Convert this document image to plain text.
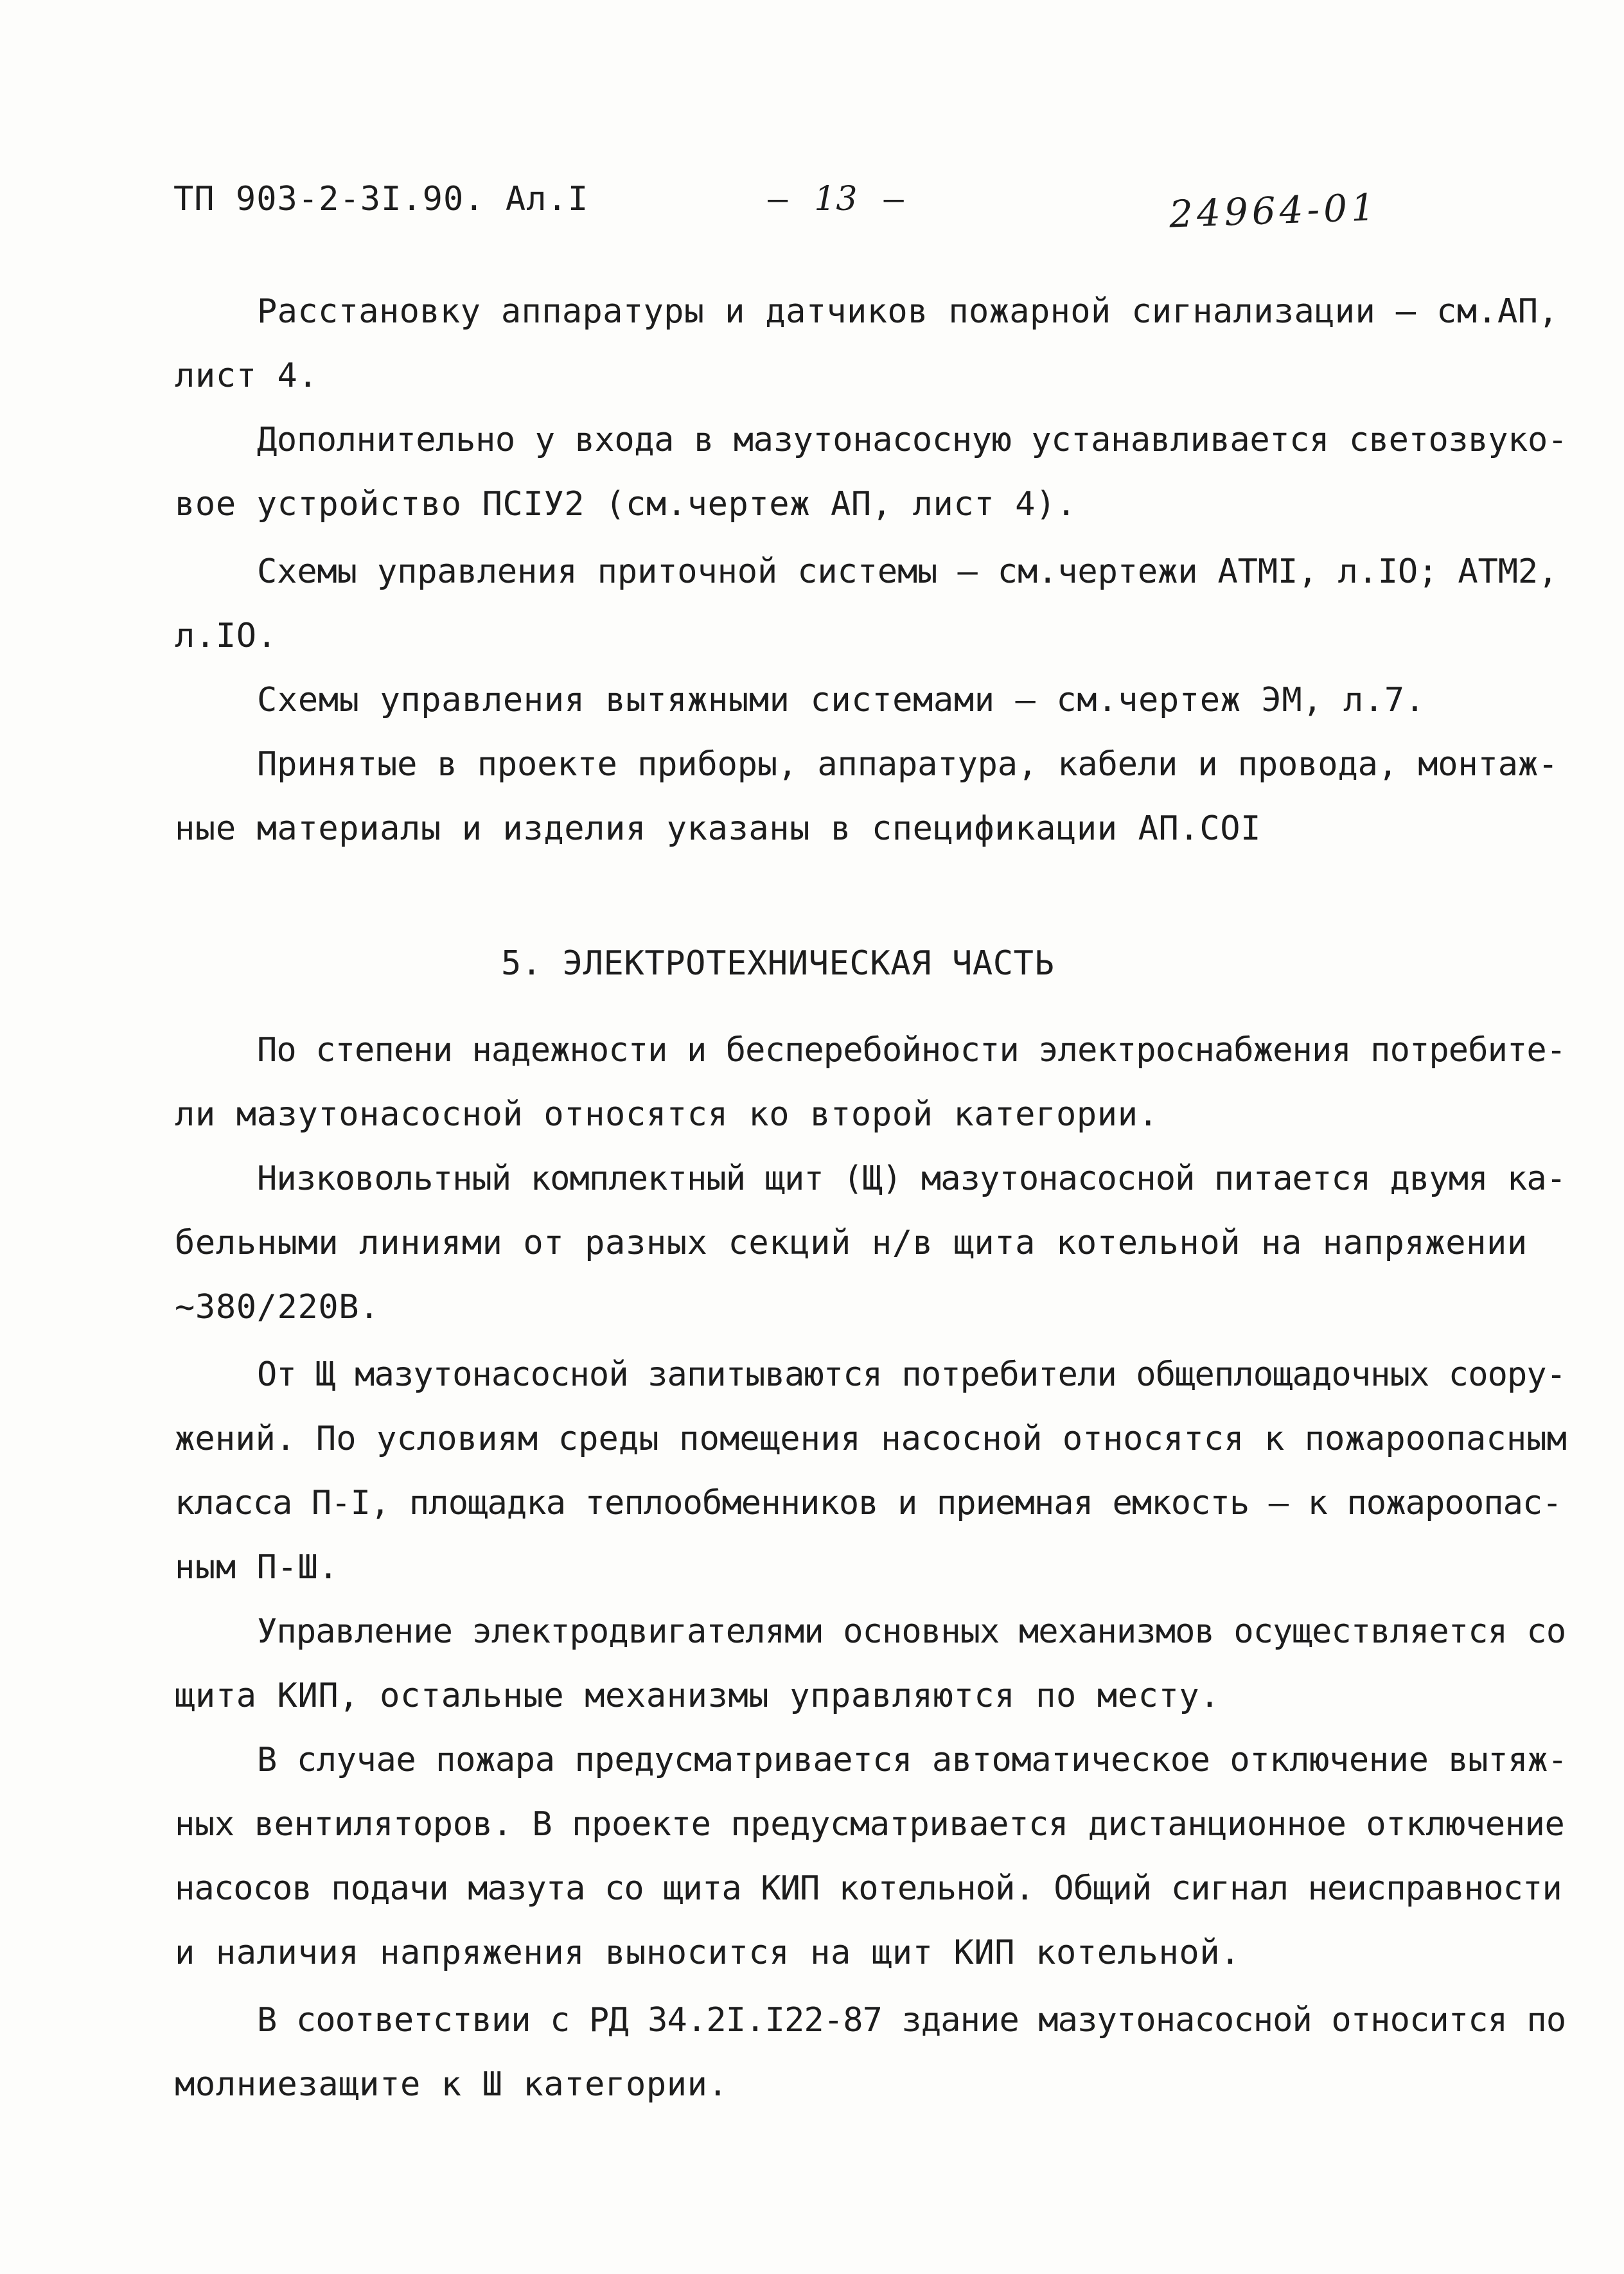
ТП 903-2-3I.90. Ал.I	– 13 –	24964-01
Расстановку аппаратуры и датчиков пожарной сигнализации – см.АП,
лист 4.
Дополнительно у входа в мазутонасосную устанавливается светозвуко-
вое устройство ПСIУ2 (см.чертеж АП, лист 4).
Схемы управления приточной системы – см.чертежи АТМI, л.IO; АТМ2,
л.IO.
Схемы управления вытяжными системами – см.чертеж ЭМ, л.7.
Принятые в проекте приборы, аппаратура, кабели и провода, монтаж-
ные материалы и изделия указаны в спецификации АП.СОI
5. ЭЛЕКТРОТЕХНИЧЕСКАЯ ЧАСТЬ
По степени надежности и бесперебойности электроснабжения потребите-
ли мазутонасосной относятся ко второй категории.
Низковольтный комплектный щит (Щ) мазутонасосной питается двумя ка-
бельными линиями от разных секций н/в щита котельной на напряжении
~380/220В.
От Щ мазутонасосной запитываются потребители общеплощадочных соору-
жений. По условиям среды помещения насосной относятся к пожароопасным
класса П-I, площадка теплообменников и приемная емкость – к пожароопас-
ным П-Ш.
Управление электродвигателями основных механизмов осуществляется со
щита КИП, остальные механизмы управляются по месту.
В случае пожара предусматривается автоматическое отключение вытяж-
ных вентиляторов. В проекте предусматривается дистанционное отключение
насосов подачи мазута со щита КИП котельной. Общий сигнал неисправности
и наличия напряжения выносится на щит КИП котельной.
В соответствии с РД 34.2I.I22-87 здание мазутонасосной относится по
молниезащите к Ш категории.
